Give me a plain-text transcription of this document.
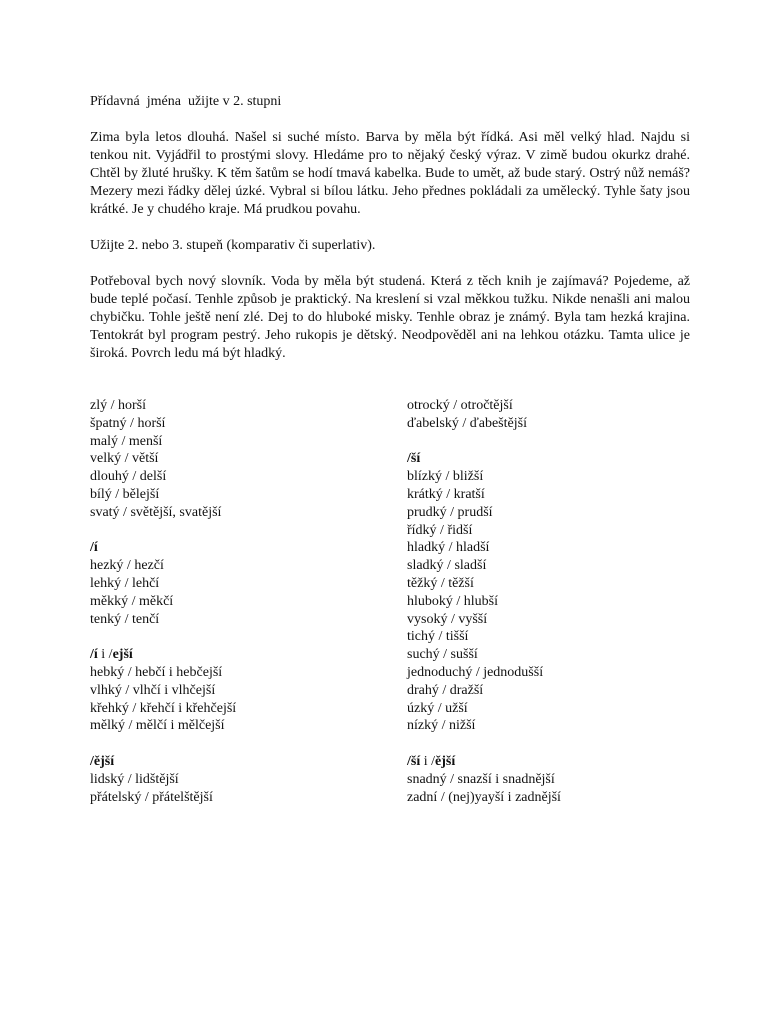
Přídavná  jména  užijte v 2. stupni
Zima byla letos dlouhá. Našel si suché místo. Barva by měla být řídká. Asi měl velký hlad. Najdu si tenkou nit. Vyjádřil to prostými slovy. Hledáme pro to nějaký český výraz. V zimě budou okurkz drahé. Chtěl by žluté hrušky. K těm šatům se hodí tmavá kabelka. Bude to umět, až bude starý. Ostrý nůž nemáš? Mezery mezi řádky dělej úzké. Vybral si bílou látku. Jeho přednes pokládali za umělecký. Tyhle šaty jsou krátké. Je y chudého kraje. Má prudkou povahu.
Užijte 2. nebo 3. stupeň (komparativ či superlativ).
Potřeboval bych nový slovník. Voda by měla být studená. Která z těch knih je zajímavá? Pojedeme, až bude teplé počasí. Tenhle způsob je praktický. Na kreslení si vzal měkkou tužku. Nikde nenašli ani malou chybičku. Tohle ještě není zlé. Dej to do hluboké misky. Tenhle obraz je známý. Byla tam hezká krajina. Tentokrát byl program pestrý. Jeho rukopis je dětský. Neodpověděl ani na lehkou otázku. Tamta ulice je široká. Povrch ledu má být hladký.
zlý / horší
špatný / horší
malý / menší
velký / větší
dlouhý / delší
bílý / bělejší
svatý / světější, svatější
/í
hezký / hezčí
lehký / lehčí
měkký / měkčí
tenký / tenčí
/í i /ejší
hebký / hebčí i hebčejší
vlhký / vlhčí i vlhčejší
křehký / křehčí i křehčejší
mělký / mělčí i mělčejší
/ější
lidský / lidštější
přátelský / přátelštější
otrocký / otročtější
ďabelský / ďabeštější
/ší
blízký / bližší
krátký / kratší
prudký / prudší
řídký / řidší
hladký / hladší
sladký / sladší
těžký / těžší
hluboký / hlubší
vysoký / vyšší
tichý / tišší
suchý / sušší
jednoduchý / jednodušší
drahý / dražší
úzký / užší
nízký / nižší
/ší i /ější
snadný / snazší i snadnější
zadní / (nej)yayší i zadnější
